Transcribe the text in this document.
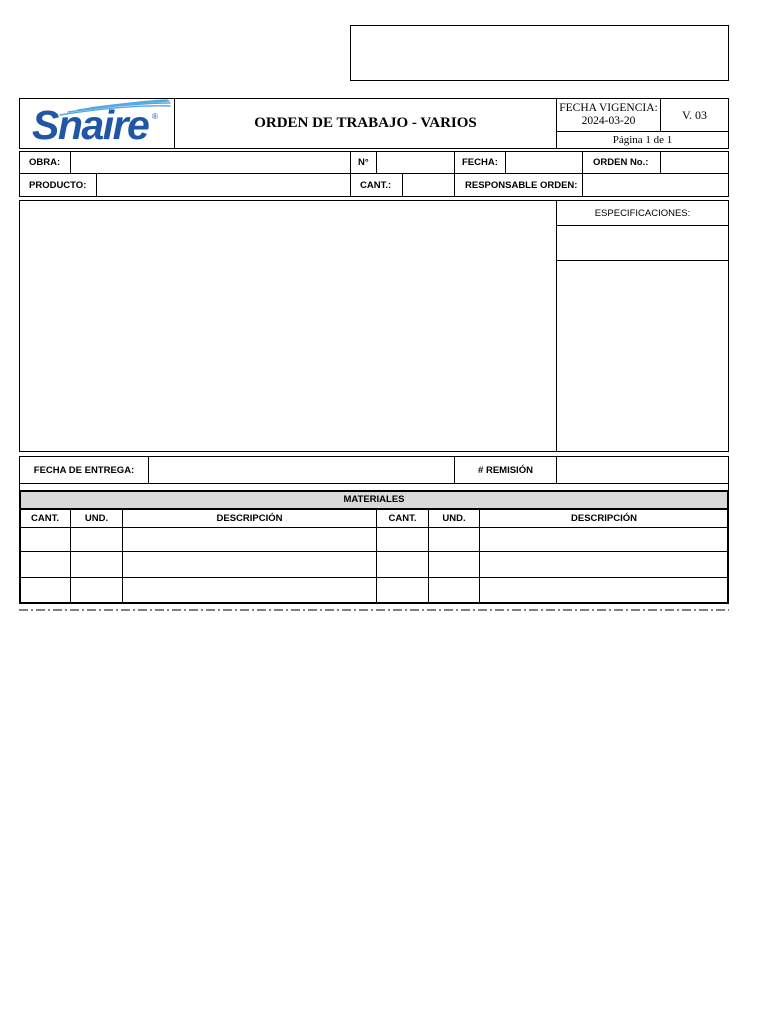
Snaire ®	ORDEN DE TRABAJO - VARIOS
FECHA VIGENCIA:
2024-03-20	V. 03
Página 1 de 1
OBRA:	N°	FECHA:	ORDEN No.:
PRODUCTO:	CANT.:	RESPONSABLE ORDEN:
ESPECIFICACIONES:
FECHA DE ENTREGA:	# REMISIÓN
MATERIALES
CANT.	UND.	DESCRIPCIÓN	CANT.	UND.	DESCRIPCIÓN
